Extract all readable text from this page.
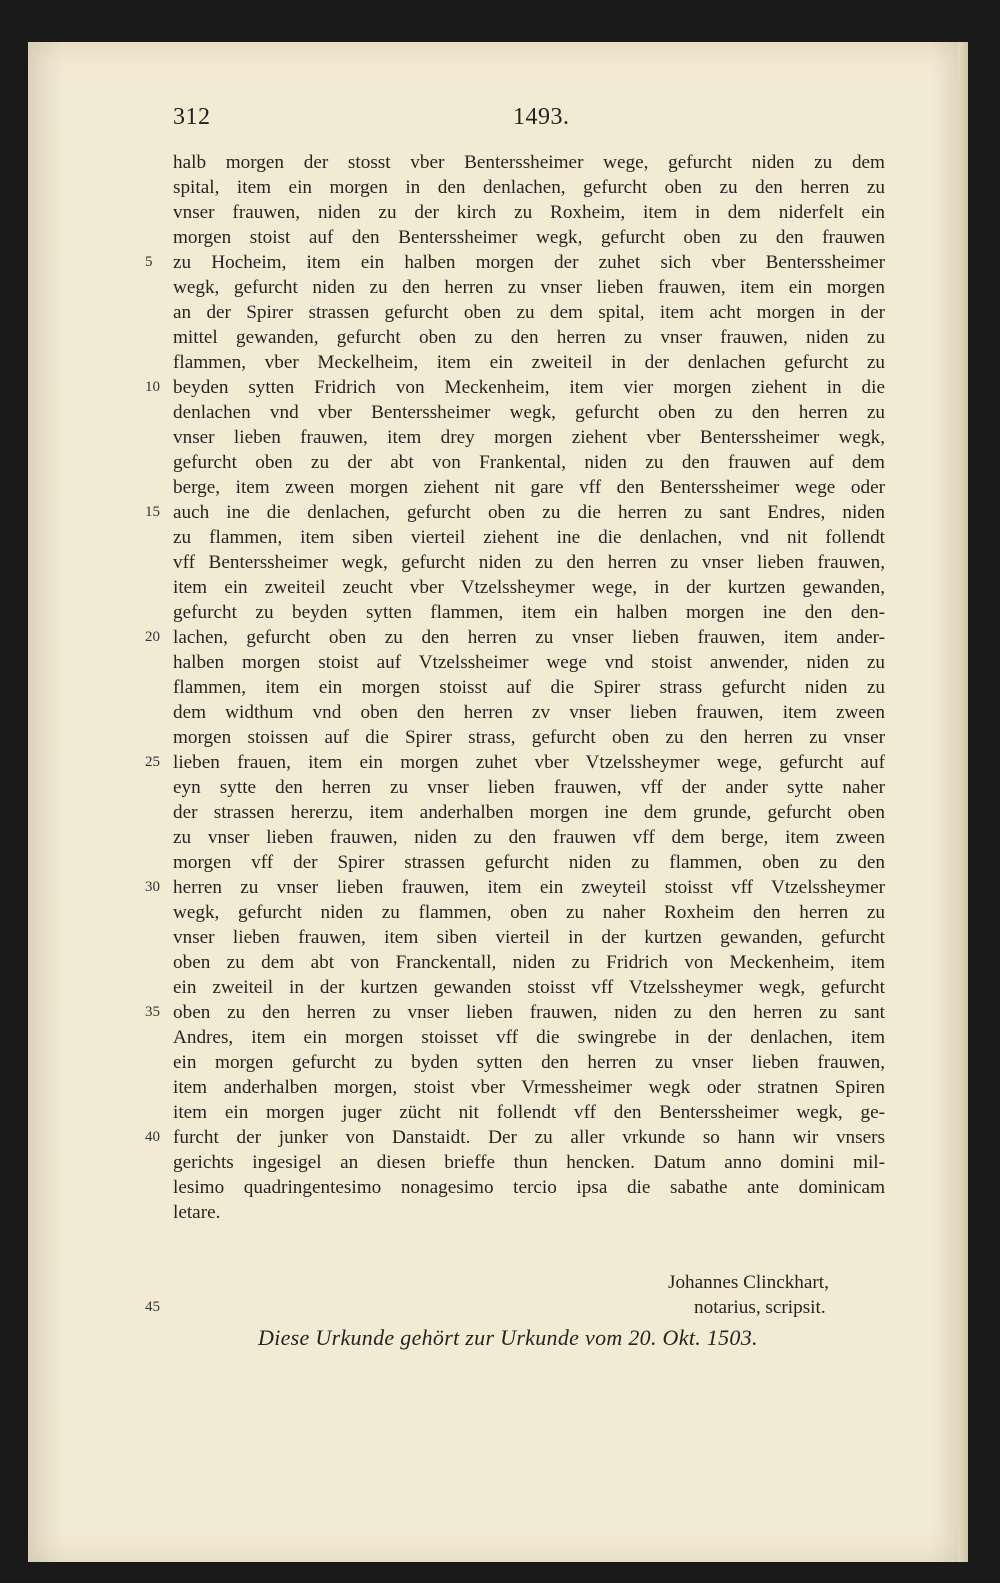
312	1493.
halb morgen der stosst vber Benterssheimer wege, gefurcht niden zu dem
spital, item ein morgen in den denlachen, gefurcht oben zu den herren zu
vnser frauwen, niden zu der kirch zu Roxheim, item in dem niderfelt ein
morgen stoist auf den Benterssheimer wegk, gefurcht oben zu den frauwen
5	zu Hocheim, item ein halben morgen der zuhet sich vber Benterssheimer
wegk, gefurcht niden zu den herren zu vnser lieben frauwen, item ein morgen
an der Spirer strassen gefurcht oben zu dem spital, item acht morgen in der
mittel gewanden, gefurcht oben zu den herren zu vnser frauwen, niden zu
flammen, vber Meckelheim, item ein zweiteil in der denlachen gefurcht zu
10 beyden sytten Fridrich von Meckenheim, item vier morgen ziehent in die
denlachen vnd vber Benterssheimer wegk, gefurcht oben zu den herren zu
vnser lieben frauwen, item drey morgen ziehent vber Benterssheimer wegk,
gefurcht oben zu der abt von Frankental, niden zu den frauwen auf dem
berge, item zween morgen ziehent nit gare vff den Benterssheimer wege oder
15 auch ine die denlachen, gefurcht oben zu die herren zu sant Endres, niden
zu flammen, item siben vierteil ziehent ine die denlachen, vnd nit follendt
vff Benterssheimer wegk, gefurcht niden zu den herren zu vnser lieben frauwen,
item ein zweiteil zeucht vber Vtzelssheymer wege, in der kurtzen gewanden,
gefurcht zu beyden sytten flammen, item ein halben morgen ine den den-
20 lachen, gefurcht oben zu den herren zu vnser lieben frauwen, item ander-
halben morgen stoist auf Vtzelssheimer wege vnd stoist anwender, niden zu
flammen, item ein morgen stoisst auf die Spirer strass gefurcht niden zu
dem widthum vnd oben den herren zv vnser lieben frauwen, item zween
morgen stoissen auf die Spirer strass, gefurcht oben zu den herren zu vnser
25 lieben frauen, item ein morgen zuhet vber Vtzelssheymer wege, gefurcht auf
eyn sytte den herren zu vnser lieben frauwen, vff der ander sytte naher
der strassen hererzu, item anderhalben morgen ine dem grunde, gefurcht oben
zu vnser lieben frauwen, niden zu den frauwen vff dem berge, item zween
morgen vff der Spirer strassen gefurcht niden zu flammen, oben zu den
30 herren zu vnser lieben frauwen, item ein zweyteil stoisst vff Vtzelssheymer
wegk, gefurcht niden zu flammen, oben zu naher Roxheim den herren zu
vnser lieben frauwen, item siben vierteil in der kurtzen gewanden, gefurcht
oben zu dem abt von Franckentall, niden zu Fridrich von Meckenheim, item
ein zweiteil in der kurtzen gewanden stoisst vff Vtzelssheymer wegk, gefurcht
35 oben zu den herren zu vnser lieben frauwen, niden zu den herren zu sant
Andres, item ein morgen stoisset vff die swingrebe in der denlachen, item
ein morgen gefurcht zu byden sytten den herren zu vnser lieben frauwen,
item anderhalben morgen, stoist vber Vrmessheimer wegk oder stratnen Spiren
item ein morgen juger zücht nit follendt vff den Benterssheimer wegk, ge-
40 furcht der junker von Danstaidt. Der zu aller vrkunde so hann wir vnsers
gerichts ingesigel an diesen brieffe thun hencken. Datum anno domini mil-
lesimo quadringentesimo nonagesimo tercio ipsa die sabathe ante dominicam
letare.
Johannes Clinckhart,
45	notarius, scripsit.
Diese Urkunde gehört zur Urkunde vom 20. Okt. 1503.
